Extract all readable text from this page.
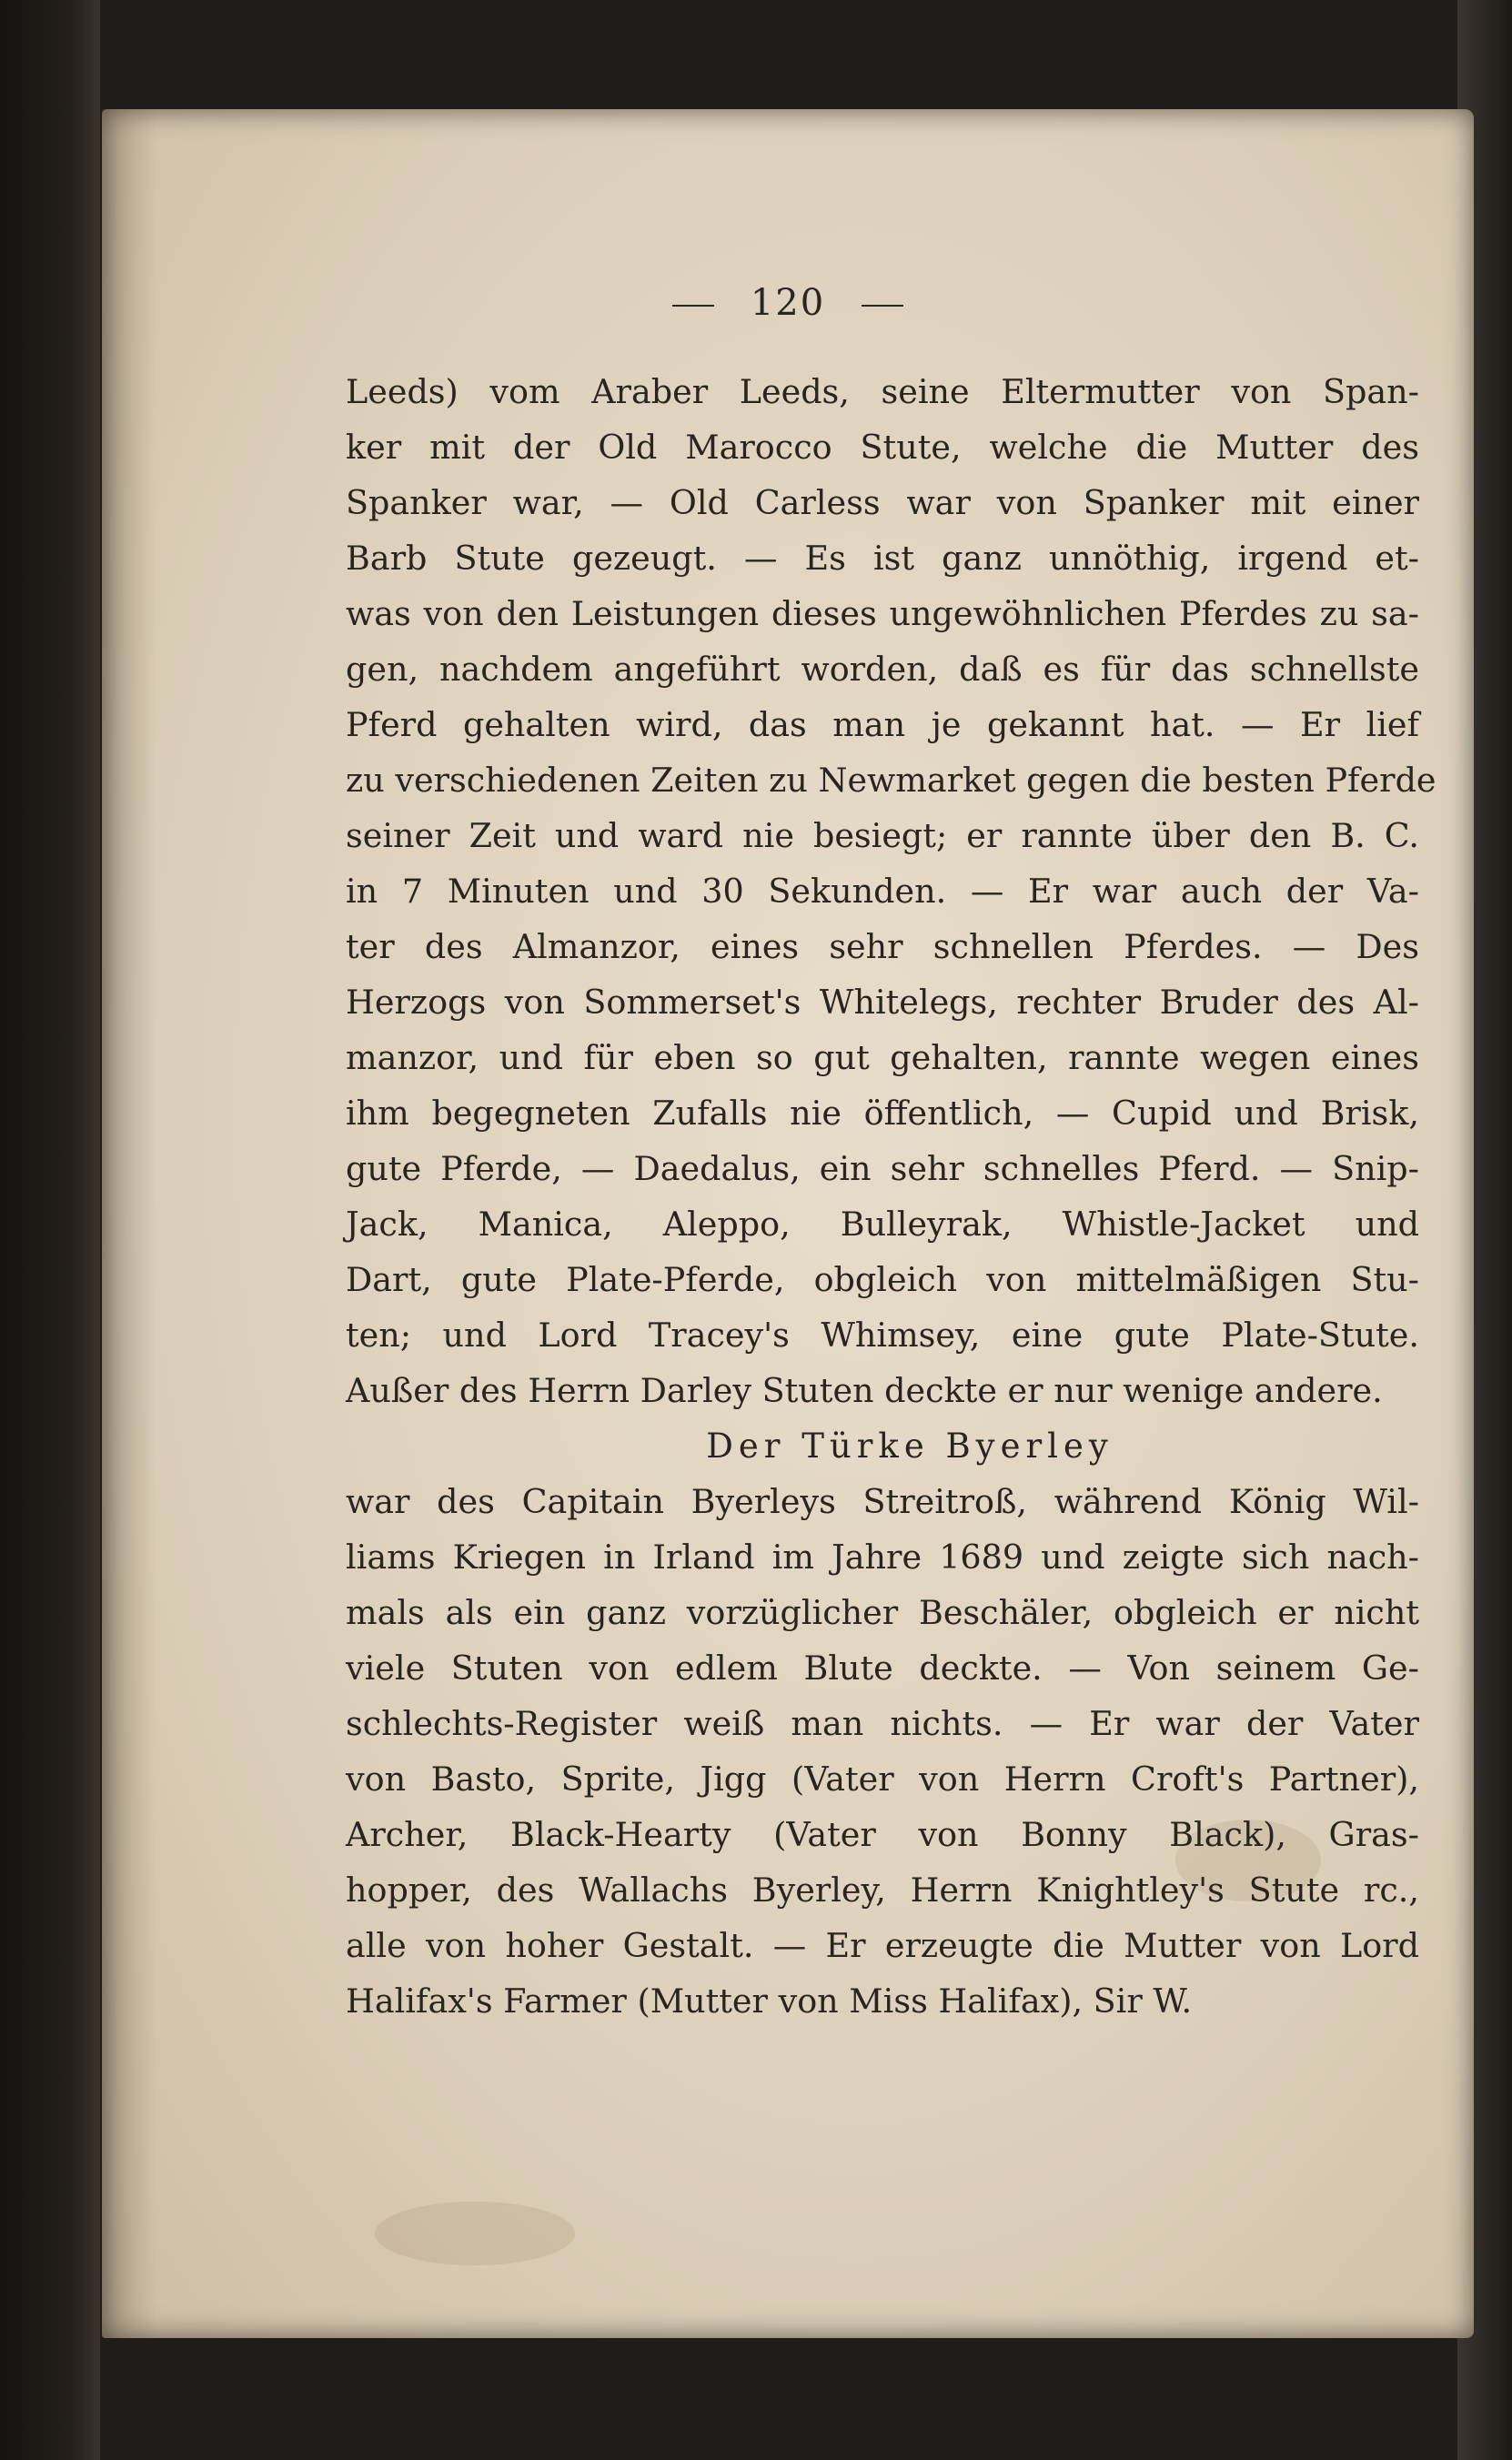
120
Leeds) vom Araber Leeds, seine Eltermutter von Span-
ker mit der Old Marocco Stute, welche die Mutter des
Spanker war, — Old Carless war von Spanker mit einer
Barb Stute gezeugt. — Es ist ganz unnöthig, irgend et-
was von den Leistungen dieses ungewöhnlichen Pferdes zu sa-
gen, nachdem angeführt worden, daß es für das schnellste
Pferd gehalten wird, das man je gekannt hat. — Er lief
zu verschiedenen Zeiten zu Newmarket gegen die besten Pferde
seiner Zeit und ward nie besiegt; er rannte über den B. C.
in 7 Minuten und 30 Sekunden. — Er war auch der Va-
ter des Almanzor, eines sehr schnellen Pferdes. — Des
Herzogs von Sommerset's Whitelegs, rechter Bruder des Al-
manzor, und für eben so gut gehalten, rannte wegen eines
ihm begegneten Zufalls nie öffentlich, — Cupid und Brisk,
gute Pferde, — Daedalus, ein sehr schnelles Pferd. — Snip-
Jack, Manica, Aleppo, Bulleyrak, Whistle-Jacket und
Dart, gute Plate-Pferde, obgleich von mittelmäßigen Stu-
ten; und Lord Tracey's Whimsey, eine gute Plate-Stute.
Außer des Herrn Darley Stuten deckte er nur wenige andere.
Der Türke Byerley
war des Capitain Byerleys Streitroß, während König Wil-
liams Kriegen in Irland im Jahre 1689 und zeigte sich nach-
mals als ein ganz vorzüglicher Beschäler, obgleich er nicht
viele Stuten von edlem Blute deckte. — Von seinem Ge-
schlechts-Register weiß man nichts. — Er war der Vater
von Basto, Sprite, Jigg (Vater von Herrn Croft's Partner),
Archer, Black-Hearty (Vater von Bonny Black), Gras-
hopper, des Wallachs Byerley, Herrn Knightley's Stute rc.,
alle von hoher Gestalt. — Er erzeugte die Mutter von Lord
Halifax's Farmer (Mutter von Miss Halifax), Sir W.
